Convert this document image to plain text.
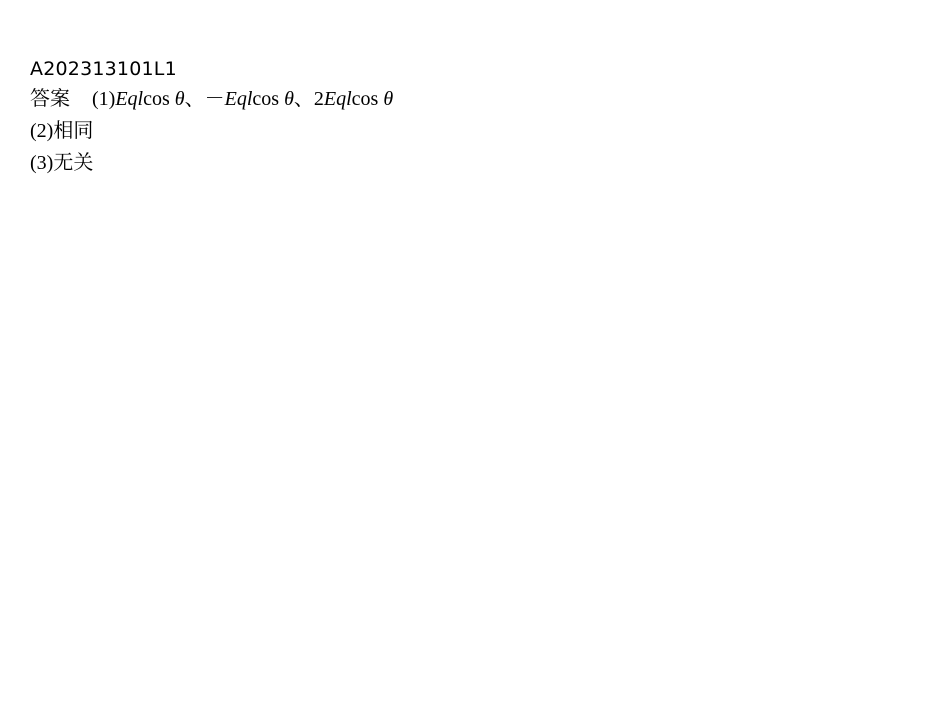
A202313101L1
答案 (1)Eqlcos θ、－Eqlcos θ、2Eqlcos θ
(2)相同
(3)无关
